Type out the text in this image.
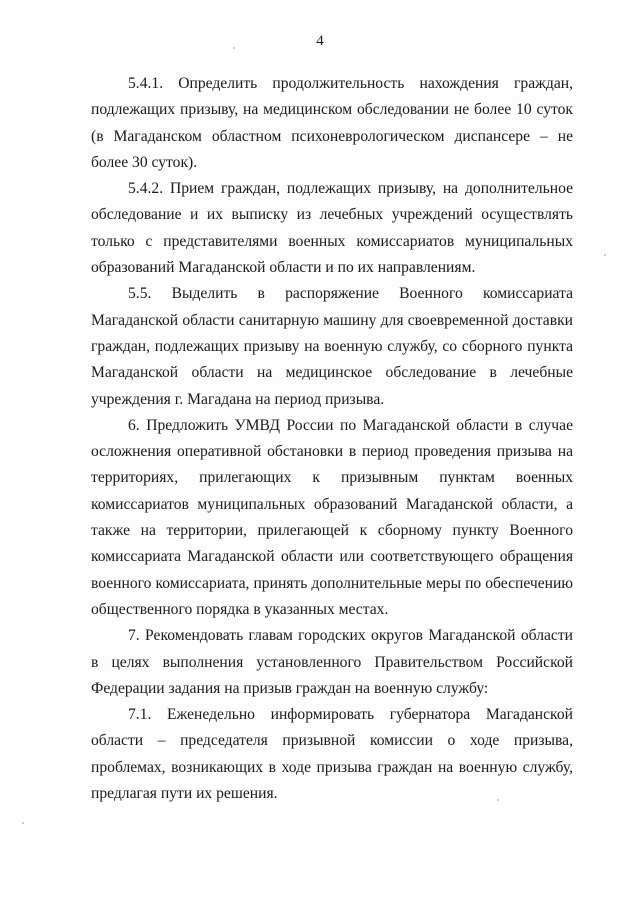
4

5.4.1. Определить продолжительность нахождения граждан, подлежащих призыву, на медицинском обследовании не более 10 суток (в Магаданском областном психоневрологическом диспансере – не более 30 суток).

5.4.2. Прием граждан, подлежащих призыву, на дополнительное обследование и их выписку из лечебных учреждений осуществлять только с представителями военных комиссариатов муниципальных образований Магаданской области и по их направлениям.

5.5. Выделить в распоряжение Военного комиссариата Магаданской области санитарную машину для своевременной доставки граждан, подлежащих призыву на военную службу, со сборного пункта Магаданской области на медицинское обследование в лечебные учреждения г. Магадана на период призыва.

6. Предложить УМВД России по Магаданской области в случае осложнения оперативной обстановки в период проведения призыва на территориях, прилегающих к призывным пунктам военных комиссариатов муниципальных образований Магаданской области, а также на территории, прилегающей к сборному пункту Военного комиссариата Магаданской области или соответствующего обращения военного комиссариата, принять дополнительные меры по обеспечению общественного порядка в указанных местах.

7. Рекомендовать главам городских округов Магаданской области в целях выполнения установленного Правительством Российской Федерации задания на призыв граждан на военную службу:

7.1. Еженедельно информировать губернатора Магаданской области – председателя призывной комиссии о ходе призыва, проблемах, возникающих в ходе призыва граждан на военную службу, предлагая пути их решения.
